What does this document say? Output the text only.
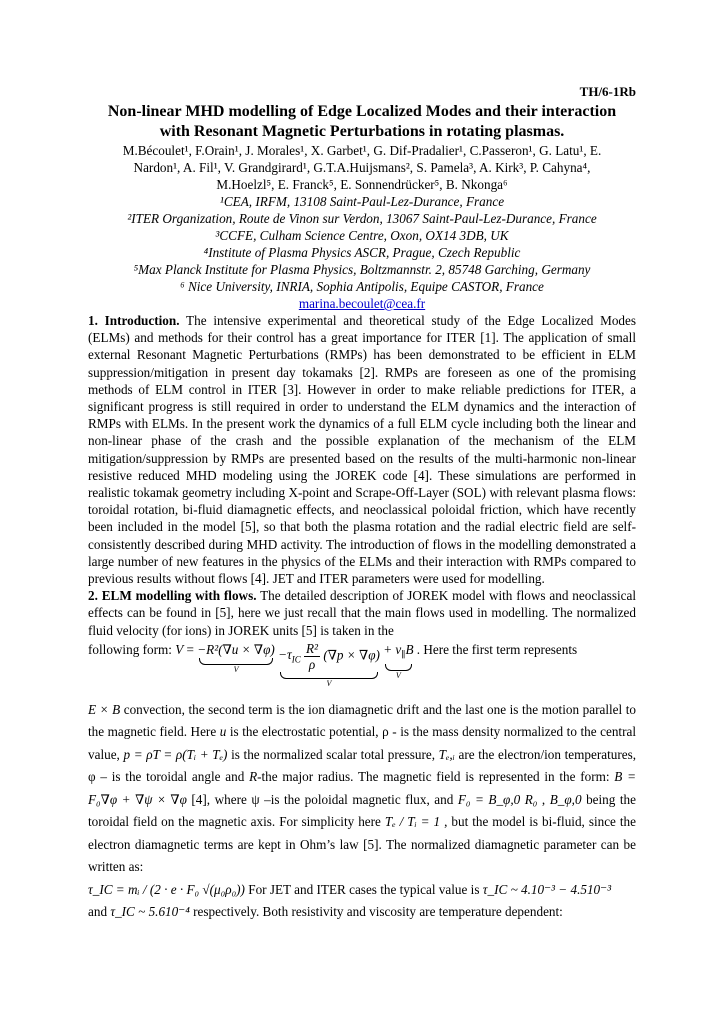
TH/6-1Rb
Non-linear MHD modelling of Edge Localized Modes and their interaction
with Resonant Magnetic Perturbations in rotating plasmas.
M.Bécoulet¹, F.Orain¹, J. Morales¹, X. Garbet¹, G. Dif-Pradalier¹, C.Passeron¹, G. Latu¹, E.
Nardon¹, A. Fil¹, V. Grandgirard¹, G.T.A.Huijsmans², S. Pamela³, A. Kirk³, P. Cahyna⁴,
M.Hoelzl⁵, E. Franck⁵, E. Sonnendrücker⁵, B. Nkonga⁶
¹CEA, IRFM, 13108 Saint-Paul-Lez-Durance, France
²ITER Organization, Route de Vinon sur Verdon, 13067 Saint-Paul-Lez-Durance, France
³CCFE, Culham Science Centre, Oxon, OX14 3DB, UK
⁴Institute of Plasma Physics ASCR, Prague, Czech Republic
⁵Max Planck Institute for Plasma Physics, Boltzmannstr. 2, 85748 Garching, Germany
⁶ Nice University, INRIA, Sophia Antipolis, Equipe CASTOR, France
marina.becoulet@cea.fr
1. Introduction. The intensive experimental and theoretical study of the Edge Localized Modes (ELMs) and methods for their control has a great importance for ITER [1]. The application of small external Resonant Magnetic Perturbations (RMPs) has been demonstrated to be efficient in ELM suppression/mitigation in present day tokamaks [2]. RMPs are foreseen as one of the promising methods of ELM control in ITER [3]. However in order to make reliable predictions for ITER, a significant progress is still required in order to understand the ELM dynamics and the interaction of RMPs with ELMs. In the present work the dynamics of a full ELM cycle including both the linear and non-linear phase of the crash and the possible explanation of the mechanism of the ELM mitigation/suppression by RMPs are presented based on the results of the multi-harmonic non-linear resistive reduced MHD modeling using the JOREK code [4]. These simulations are performed in realistic tokamak geometry including X-point and Scrape-Off-Layer (SOL) with relevant plasma flows: toroidal rotation, bi-fluid diamagnetic effects, and neoclassical poloidal friction, which have recently been included in the model [5], so that both the plasma rotation and the radial electric field are self-consistently described during MHD activity. The introduction of flows in the modelling demonstrated a large number of new features in the physics of the ELMs and their interaction with RMPs compared to previous results without flows [4]. JET and ITER parameters were used for modelling.
2. ELM modelling with flows. The detailed description of JOREK model with flows and neoclassical effects can be found in [5], here we just recall that the main flows used in modelling. The normalized fluid velocity (for ions) in JOREK units [5] is taken in the
following form: V = −R²(∇u × ∇φ)
V
$-\tau_{IC} \frac{\text{R²}}{\rho} (\nabla p \times \nabla\varphi)$
V
+ $v_\parallel B$
V
. Here the first term represents
E × B convection, the second term is the ion diamagnetic drift and the last one is the motion parallel to the magnetic field. Here u is the electrostatic potential, ρ - is the mass density normalized to the central value, p = ρT = ρ(Tᵢ + Tₑ) is the normalized scalar total pressure, Tₑ,ᵢ are the electron/ion temperatures, φ – is the toroidal angle and R-the major radius. The magnetic field is represented in the form: B = F₀∇φ + ∇ψ × ∇φ [4], where ψ –is the poloidal magnetic flux, and F₀ = B_φ,0 R₀ , B_φ,0 being the toroidal field on the magnetic axis. For simplicity here Tₑ / Tᵢ = 1 , but the model is bi-fluid, since the electron diamagnetic terms are kept in Ohm’s law [5]. The normalized diamagnetic parameter can be written as:
τ_IC = mᵢ / (2 · e · F₀ √(μ₀ρ₀)) For JET and ITER cases the typical value is τ_IC ~ 4.10⁻³ − 4.510⁻³
and τ_IC ~ 5.610⁻⁴ respectively. Both resistivity and viscosity are temperature dependent:
